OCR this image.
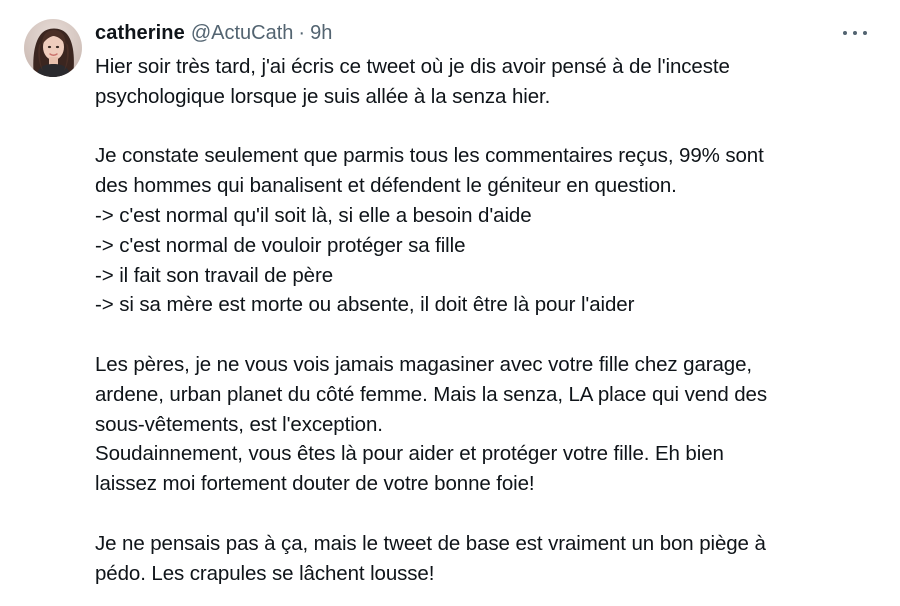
catherine @ActuCath · 9h
Hier soir très tard, j'ai écris ce tweet où je dis avoir pensé à de l'inceste
psychologique lorsque je suis allée à la senza hier.
Je constate seulement que parmis tous les commentaires reçus, 99% sont
des hommes qui banalisent et défendent le géniteur en question.
-> c'est normal qu'il soit là, si elle a besoin d'aide
-> c'est normal de vouloir protéger sa fille
-> il fait son travail de père
-> si sa mère est morte ou absente, il doit être là pour l'aider
Les pères, je ne vous vois jamais magasiner avec votre fille chez garage,
ardene, urban planet du côté femme. Mais la senza, LA place qui vend des
sous-vêtements, est l'exception.
Soudainnement, vous êtes là pour aider et protéger votre fille. Eh bien
laissez moi fortement douter de votre bonne foie!
Je ne pensais pas à ça, mais le tweet de base est vraiment un bon piège à
pédo. Les crapules se lâchent lousse!
